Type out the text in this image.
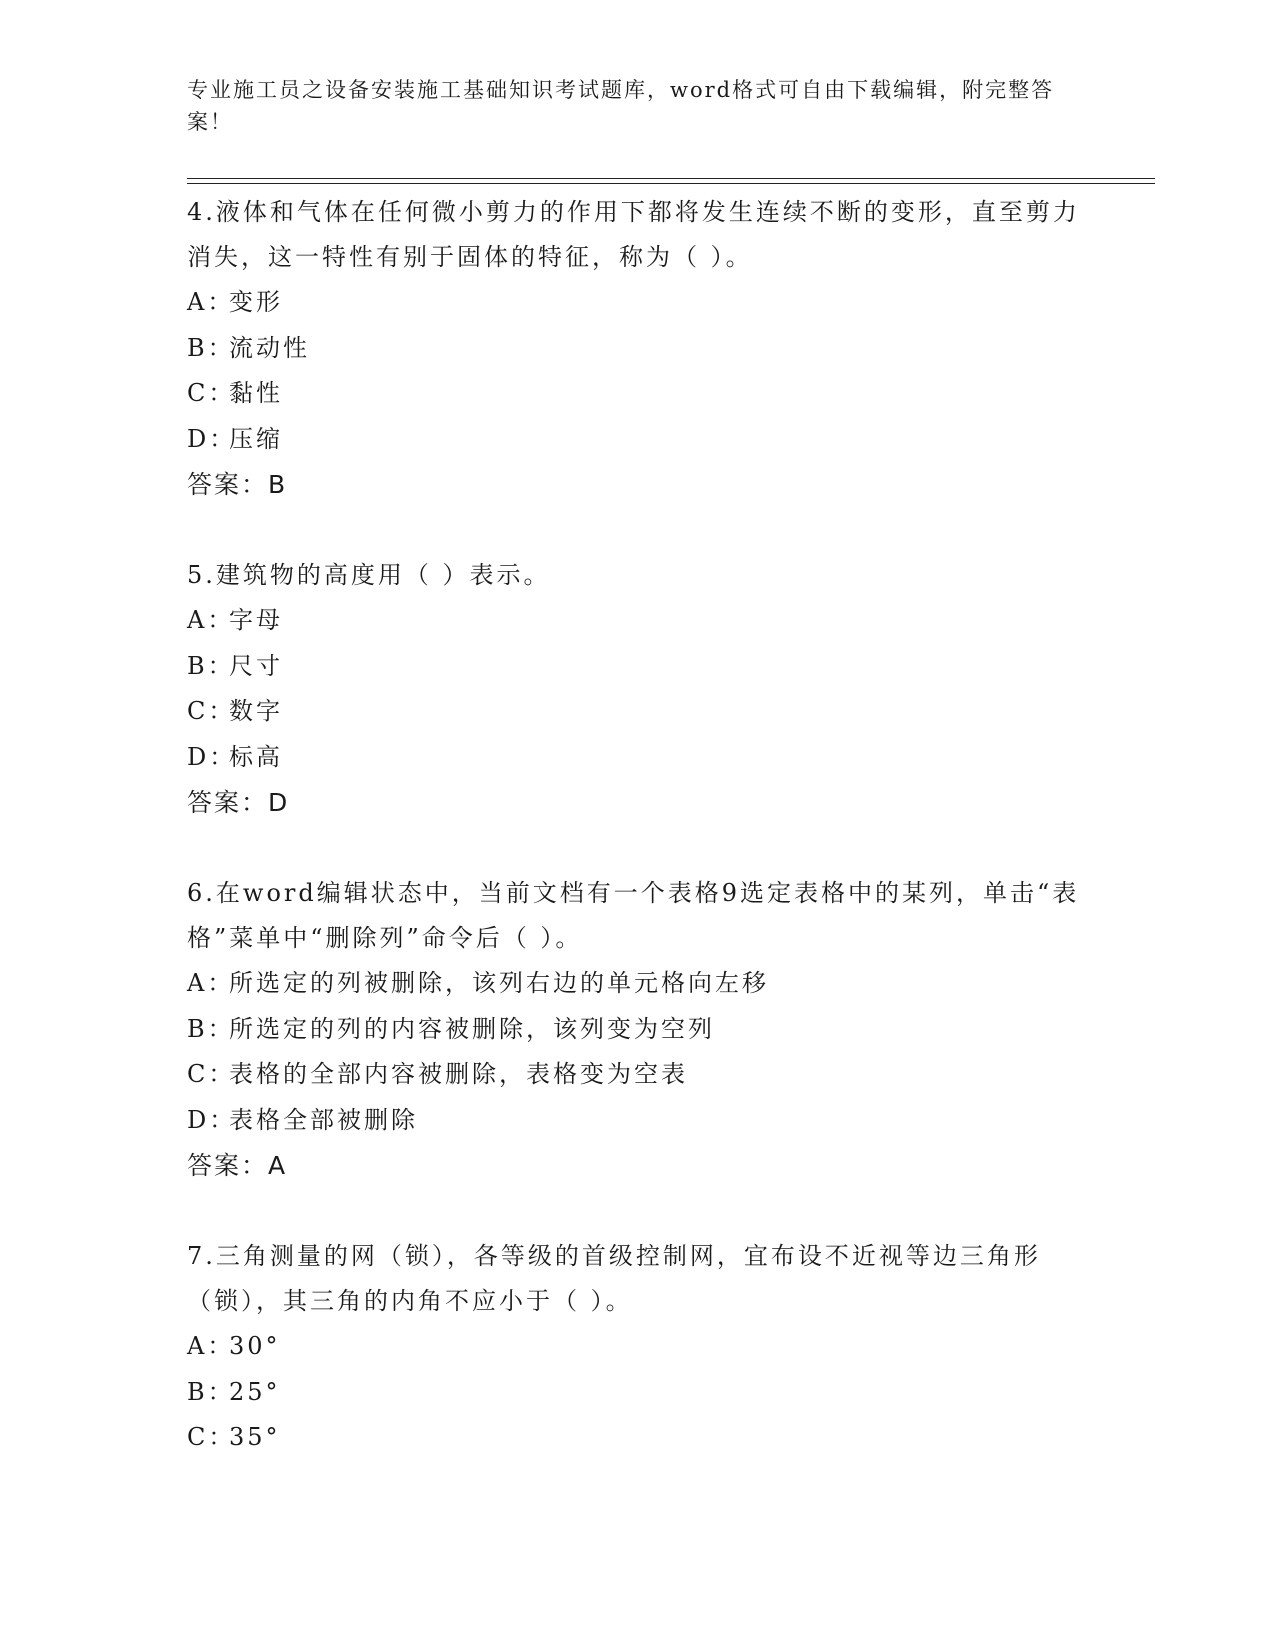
专业施工员之设备安装施工基础知识考试题库，word格式可自由下载编辑，附完整答案！

4.液体和气体在任何微小剪力的作用下都将发生连续不断的变形，直至剪力消失，这一特性有别于固体的特征，称为（ ）。

A：变形

B：流动性

C：黏性

D：压缩

答案：B

5.建筑物的高度用（ ）表示。

A：字母

B：尺寸

C：数字

D：标高

答案：D

6.在word编辑状态中，当前文档有一个表格9选定表格中的某列，单击“表格”菜单中“删除列”命令后（ ）。

A：所选定的列被删除，该列右边的单元格向左移

B：所选定的列的内容被删除，该列变为空列

C：表格的全部内容被删除，表格变为空表

D：表格全部被删除

答案：A

7.三角测量的网（锁），各等级的首级控制网，宜布设不近视等边三角形（锁），其三角的内角不应小于（ ）。

A：30°

B：25°

C：35°
